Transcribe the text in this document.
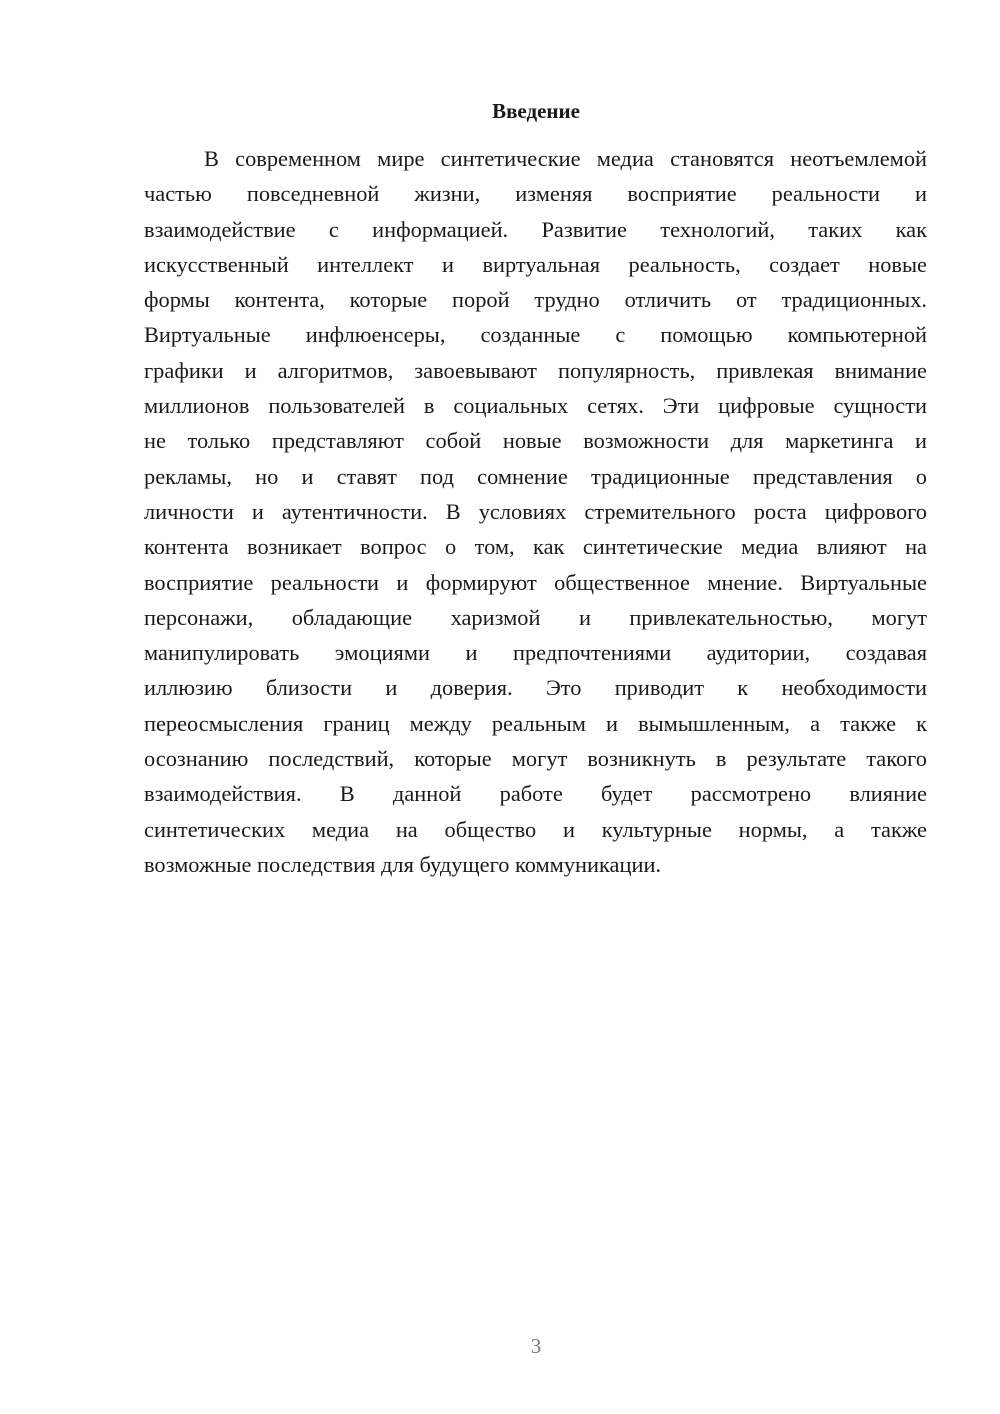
Введение
В современном мире синтетические медиа становятся неотъемлемой
частью повседневной жизни, изменяя восприятие реальности и
взаимодействие с информацией. Развитие технологий, таких как
искусственный интеллект и виртуальная реальность, создает новые
формы контента, которые порой трудно отличить от традиционных.
Виртуальные инфлюенсеры, созданные с помощью компьютерной
графики и алгоритмов, завоевывают популярность, привлекая внимание
миллионов пользователей в социальных сетях. Эти цифровые сущности
не только представляют собой новые возможности для маркетинга и
рекламы, но и ставят под сомнение традиционные представления о
личности и аутентичности. В условиях стремительного роста цифрового
контента возникает вопрос о том, как синтетические медиа влияют на
восприятие реальности и формируют общественное мнение. Виртуальные
персонажи, обладающие харизмой и привлекательностью, могут
манипулировать эмоциями и предпочтениями аудитории, создавая
иллюзию близости и доверия. Это приводит к необходимости
переосмысления границ между реальным и вымышленным, а также к
осознанию последствий, которые могут возникнуть в результате такого
взаимодействия. В данной работе будет рассмотрено влияние
синтетических медиа на общество и культурные нормы, а также
возможные последствия для будущего коммуникации.
3
